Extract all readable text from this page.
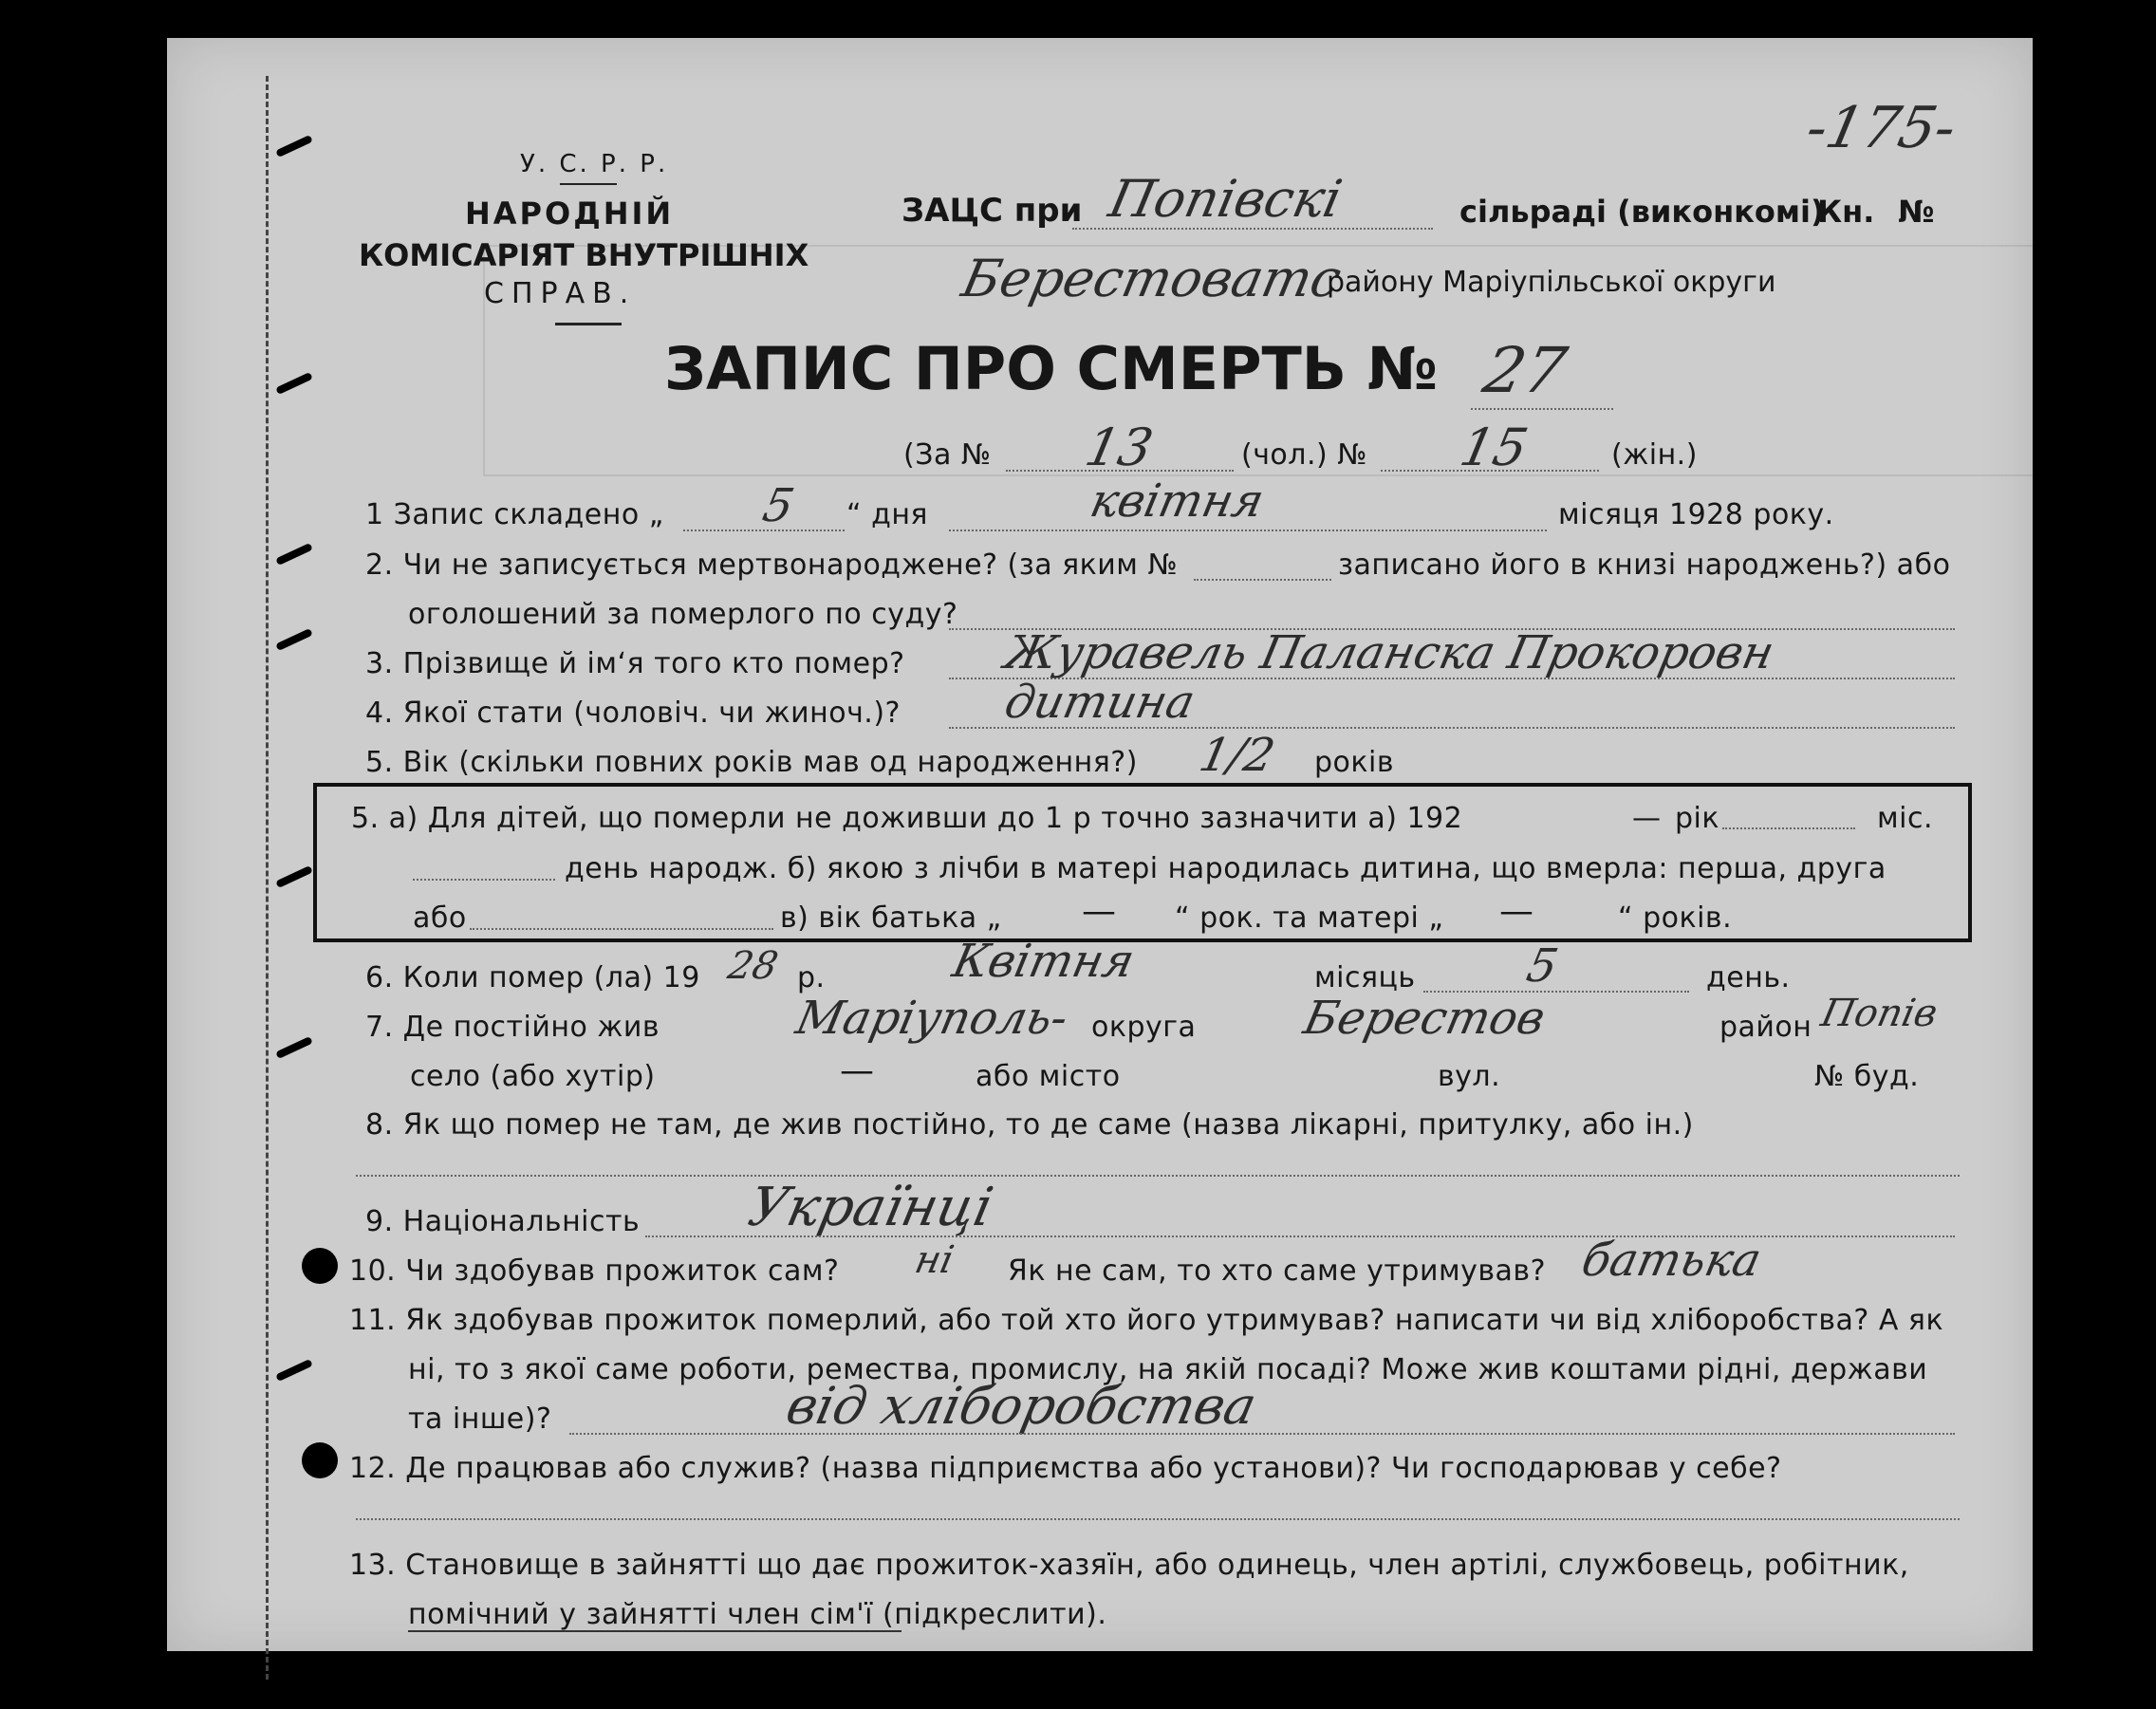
-175-
У. С. Р. Р.
НАРОДНІЙ
КОМІСАРІЯТ ВНУТРІШНІХ
СПРАВ.
ЗАЦС при Попівскі	сільраді (виконкомі)
Кн. №
Берестоватс
району Маріупільської округи
ЗАПИС ПРО СМЕРТЬ № 27
(За № 13	(чол.) № 15	(жін.)
1 Запис складено „ 5 “ дня	квітня	місяця 1928 року.
2. Чи не записується мертвонароджене? (за яким №	записано його в книзі народжень?) або
оголошений за померлого по суду?
3. Прізвище й ім‘я того кто помер? Журавель Паланска Прокоровн
4. Якої стати (чоловіч. чи жиноч.)? дитина
5. Вік (скільки повних років мав од народження?) 1/2 років
5. а) Для дітей, що померли не доживши до 1 р точно зазначити а) 192	— рік	міс.
день народж. б) якою з лічби в матері народилась дитина, що вмерла: перша, друга
або	в) вік батька „ — “ рок. та матері „ —	“ років.
6. Коли помер (ла) 19 28 р.	Квітня	місяць 5	день.
7. Де постійно жив	Маріуполь- округа Берестов	район Попів
село (або хутір)	—	або місто	вул.	№ буд.
8. Як що помер не там, де жив постійно, то де саме (назва лікарні, притулку, або ін.)
9. Національність Українці
10. Чи здобував прожиток сам? ні Як не сам, то хто саме утримував? батька
11. Як здобував прожиток померлий, або той хто його утримував? написати чи від хліборобства? А як
ні, то з якої саме роботи, ремества, промислу, на якій посаді? Може жив коштами рідні, держави
та інше)?	від хліборобства
12. Де працював або служив? (назва підприємства або установи)? Чи господарював у себе?
13. Становище в зайнятті що дає прожиток-хазяїн, або одинець, член артілі, службовець, робітник,
помічний у зайнятті член сім'ї (підкреслити).
